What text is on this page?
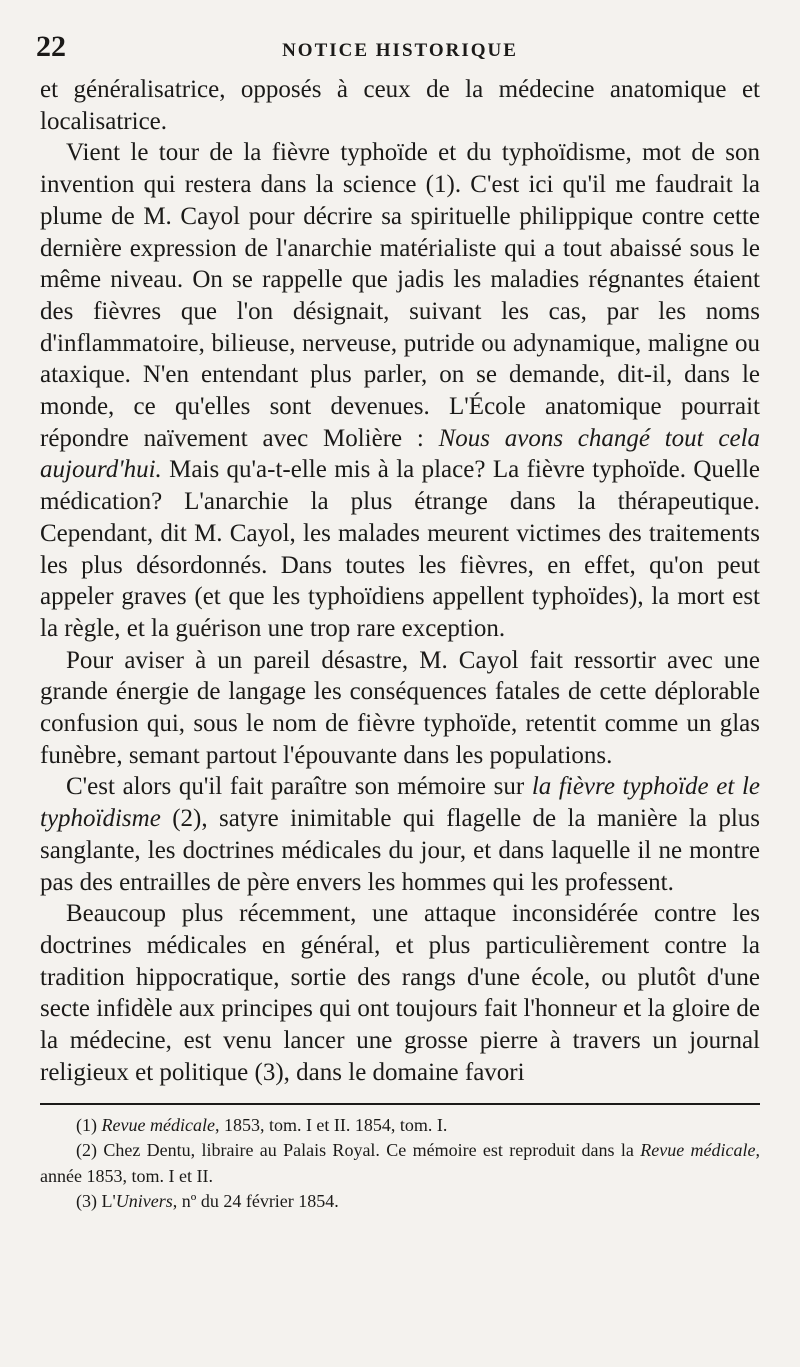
22	NOTICE HISTORIQUE

et généralisatrice, opposés à ceux de la médecine anatomique et localisatrice.

Vient le tour de la fièvre typhoïde et du typhoïdisme, mot de son invention qui restera dans la science (1). C'est ici qu'il me faudrait la plume de M. Cayol pour décrire sa spirituelle philippique contre cette dernière expression de l'anarchie matérialiste qui a tout abaissé sous le même niveau. On se rappelle que jadis les maladies régnantes étaient des fièvres que l'on désignait, suivant les cas, par les noms d'inflammatoire, bilieuse, nerveuse, putride ou adynamique, maligne ou ataxique. N'en entendant plus parler, on se demande, dit-il, dans le monde, ce qu'elles sont devenues. L'École anatomique pourrait répondre naïvement avec Molière : Nous avons changé tout cela aujourd'hui. Mais qu'a-t-elle mis à la place? La fièvre typhoïde. Quelle médication? L'anarchie la plus étrange dans la thérapeutique. Cependant, dit M. Cayol, les malades meurent victimes des traitements les plus désordonnés. Dans toutes les fièvres, en effet, qu'on peut appeler graves (et que les typhoïdiens appellent typhoïdes), la mort est la règle, et la guérison une trop rare exception.

Pour aviser à un pareil désastre, M. Cayol fait ressortir avec une grande énergie de langage les conséquences fatales de cette déplorable confusion qui, sous le nom de fièvre typhoïde, retentit comme un glas funèbre, semant partout l'épouvante dans les populations.

C'est alors qu'il fait paraître son mémoire sur la fièvre typhoïde et le typhoïdisme (2), satyre inimitable qui flagelle de la manière la plus sanglante, les doctrines médicales du jour, et dans laquelle il ne montre pas des entrailles de père envers les hommes qui les professent.

Beaucoup plus récemment, une attaque inconsidérée contre les doctrines médicales en général, et plus particulièrement contre la tradition hippocratique, sortie des rangs d'une école, ou plutôt d'une secte infidèle aux principes qui ont toujours fait l'honneur et la gloire de la médecine, est venu lancer une grosse pierre à travers un journal religieux et politique (3), dans le domaine favori

(1) Revue médicale, 1853, tom. I et II. 1854, tom. I.

(2) Chez Dentu, libraire au Palais Royal. Ce mémoire est reproduit dans la Revue médicale, année 1853, tom. I et II.

(3) L'Univers, nº du 24 février 1854.
